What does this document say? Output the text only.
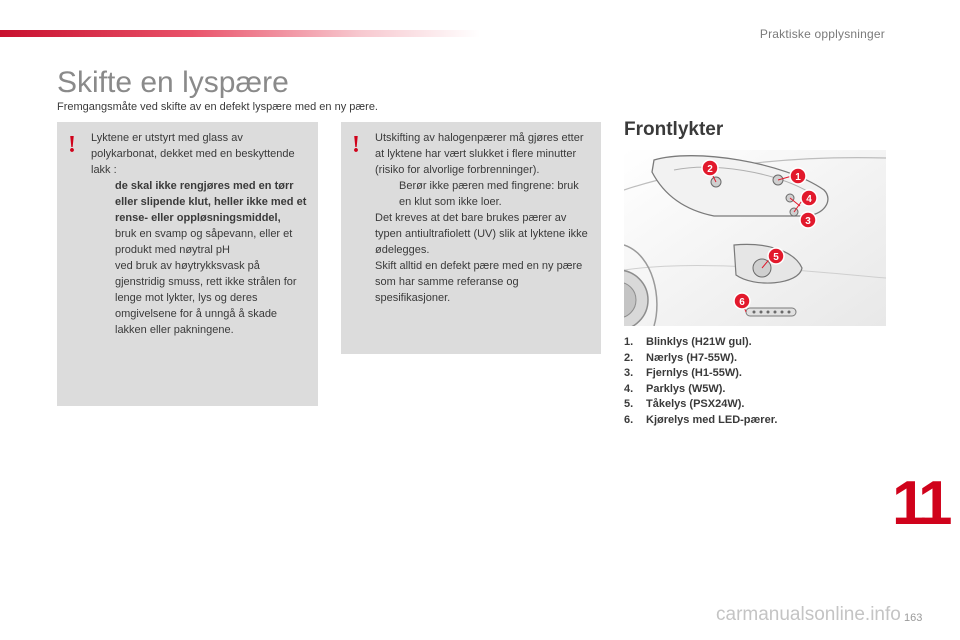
Praktiske opplysninger
Skifte en lyspære
Fremgangsmåte ved skifte av en defekt lyspære med en ny pære.
! Lyktene er utstyrt med glass av polykarbonat, dekket med en beskyttende lakk :

de skal ikke rengjøres med en tørr eller slipende klut, heller ikke med et rense- eller oppløsningsmiddel,
bruk en svamp og såpevann, eller et produkt med nøytral pH
ved bruk av høytrykksvask på gjenstridig smuss, rett ikke strålen for lenge mot lykter, lys og deres omgivelsene for å unngå å skade lakken eller pakningene.
! Utskifting av halogenpærer må gjøres etter at lyktene har vært slukket i flere minutter (risiko for alvorlige forbrenninger).

Berør ikke pæren med fingrene: bruk en klut som ikke loer.

Det kreves at det bare brukes pærer av typen antiultrafiolett (UV) slik at lyktene ikke ødelegges.

Skift alltid en defekt pære med en ny pære som har samme referanse og spesifikasjoner.

Frontlykter
1
2
3
4
5
6
1.	Blinklys (H21W gul).
2.	Nærlys (H7-55W).
3.	Fjernlys (H1-55W).
4.	Parklys (W5W).
5.	Tåkelys (PSX24W).
6.	Kjørelys med LED-pærer.
11
carmanualsonline.info 163
